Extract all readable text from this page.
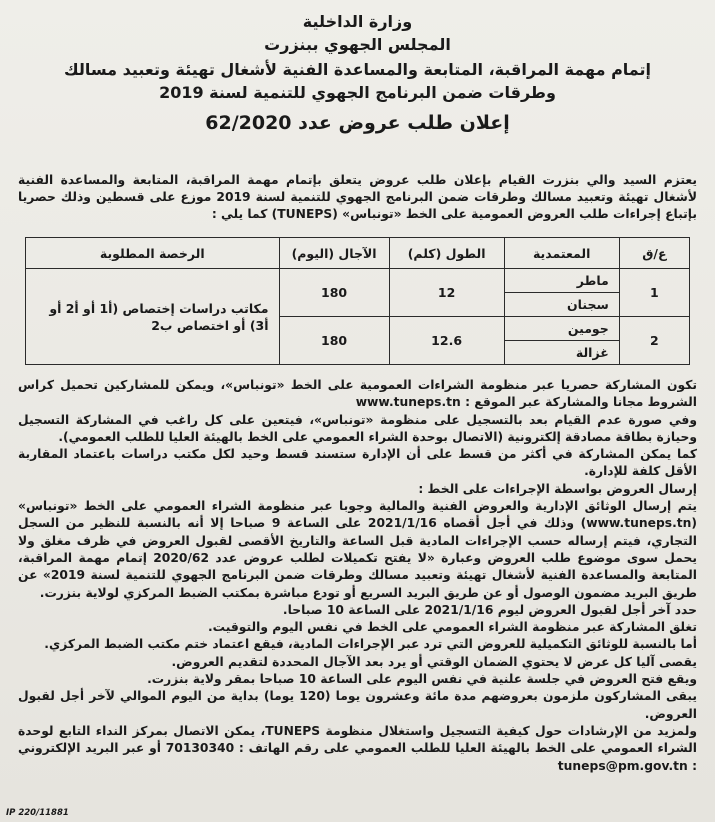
وزارة الداخلية
المجلس الجهوي ببنزرت
إتمام مهمة المراقبة، المتابعة والمساعدة الفنية لأشغال تهيئة وتعبيد مسالك وطرقات ضمن البرنامج الجهوي للتنمية لسنة 2019
إعلان طلب عروض عدد 62/2020
يعتزم السيد والي بنزرت القيام بإعلان طلب عروض يتعلق بإتمام مهمة المراقبة، المتابعة والمساعدة الفنية لأشغال تهيئة وتعبيد مسالك وطرقات ضمن البرنامج الجهوي للتنمية لسنة 2019 موزع على قسطين وذلك حصريا بإتباع إجراءات طلب العروض العمومية على الخط «تونباس» (TUNEPS) كما يلي :
ع/ق	المعتمدية	الطول (كلم)	الآجال (اليوم)	الرخصة المطلوبة
1	ماطر	12	180	مكاتب دراسات إختصاص (أ1 أو أ2 أو أ3) أو اختصاص ب2
	سجنان			
2	جومين	12.6	180	
	غزالة			

تكون المشاركة حصريا عبر منظومة الشراءات العمومية على الخط «تونباس»، ويمكن للمشاركين تحميل كراس الشروط مجانا والمشاركة عبر الموقع : www.tuneps.tn

وفي صورة عدم القيام بعد بالتسجيل على منظومة «تونباس»، فيتعين على كل راغب في المشاركة التسجيل وحيازة بطاقة مصادقة إلكترونية (الاتصال بوحدة الشراء العمومي على الخط بالهيئة العليا للطلب العمومي).

كما يمكن المشاركة في أكثر من قسط على أن الإدارة ستسند قسط وحيد لكل مكتب دراسات باعتماد المقاربة الأقل كلفة للإدارة.

إرسال العروض بواسطة الإجراءات على الخط :

يتم إرسال الوثائق الإدارية والعروض الفنية والمالية وجوبا عبر منظومة الشراء العمومي على الخط «تونباس» (www.tuneps.tn) وذلك في أجل أقصاه 2021/1/16 على الساعة 9 صباحا إلا أنه بالنسبة للنظير من السجل التجاري، فيتم إرساله حسب الإجراءات المادية قبل الساعة والتاريخ الأقصى لقبول العروض في ظرف مغلق ولا يحمل سوى موضوع طلب العروض وعبارة «لا يفتح تكميلات لطلب عروض عدد 2020/62 إتمام مهمة المراقبة، المتابعة والمساعدة الفنية لأشغال تهيئة وتعبيد مسالك وطرقات ضمن البرنامج الجهوي للتنمية لسنة 2019» عن طريق البريد مضمون الوصول أو عن طريق البريد السريع أو تودع مباشرة بمكتب الضبط المركزي لولاية بنزرت.

حدد آخر أجل لقبول العروض ليوم 2021/1/16 على الساعة 10 صباحا.

تغلق المشاركة عبر منظومة الشراء العمومي على الخط في نفس اليوم والتوقيت.

أما بالنسبة للوثائق التكميلية للعروض التي ترد عبر الإجراءات المادية، فيقع اعتماد ختم مكتب الضبط المركزي.

يقصى آليا كل عرض لا يحتوي الضمان الوقتي أو يرد بعد الآجال المحددة لتقديم العروض.

ويقع فتح العروض في جلسة علنية في نفس اليوم على الساعة 10 صباحا بمقر ولاية بنزرت.

يبقى المشاركون ملزمون بعروضهم مدة مائة وعشرون يوما (120 يوما) بداية من اليوم الموالي لآخر أجل لقبول العروض.

ولمزيد من الإرشادات حول كيفية التسجيل واستغلال منظومة TUNEPS، يمكن الاتصال بمركز النداء التابع لوحدة الشراء العمومي على الخط بالهيئة العليا للطلب العمومي على رقم الهاتف : 70130340 أو عبر البريد الإلكتروني : tuneps@pm.gov.tn

IP 220/11881
